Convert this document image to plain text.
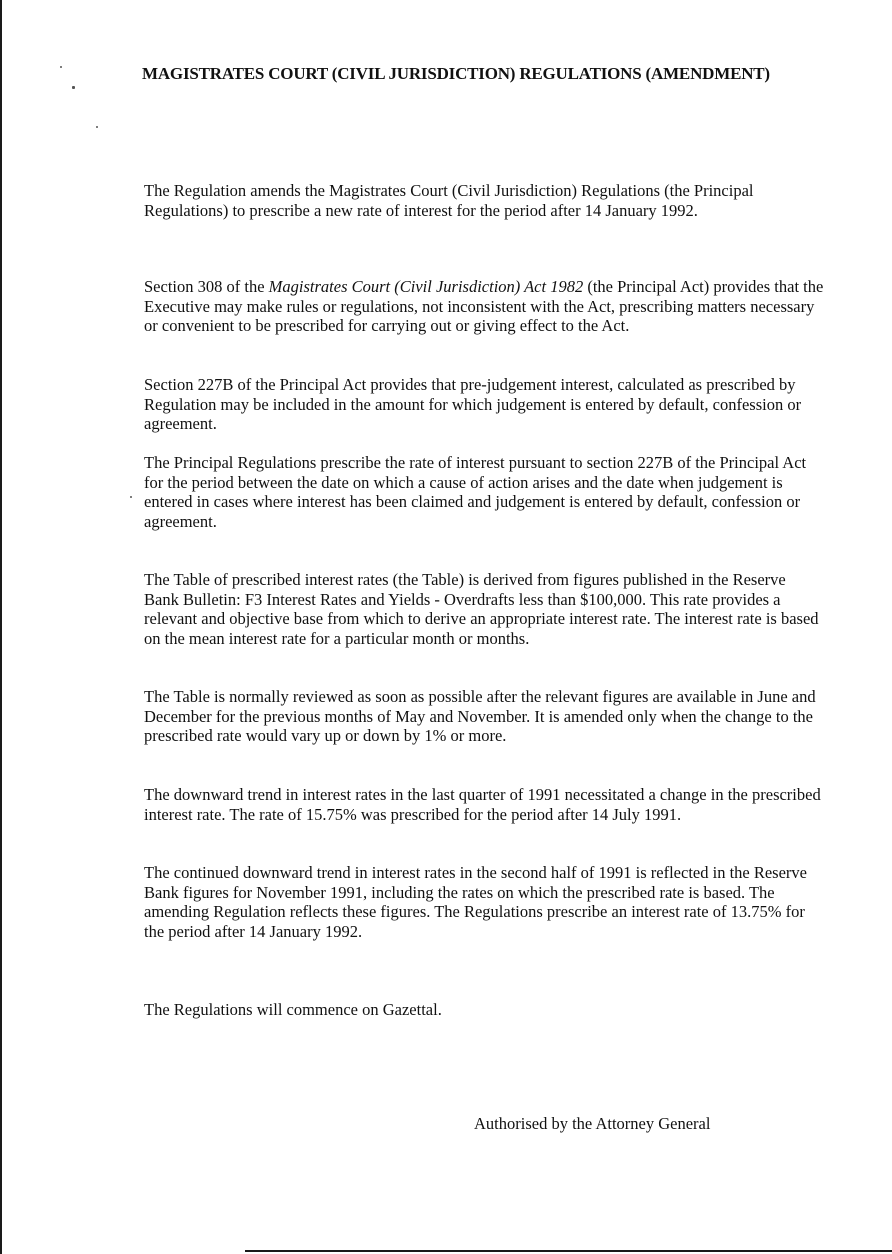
MAGISTRATES COURT (CIVIL JURISDICTION) REGULATIONS (AMENDMENT)

The Regulation amends the Magistrates Court (Civil Jurisdiction) Regulations (the Principal Regulations) to prescribe a new rate of interest for the period after 14 January 1992.

Section 308 of the Magistrates Court (Civil Jurisdiction) Act 1982 (the Principal Act) provides that the Executive may make rules or regulations, not inconsistent with the Act, prescribing matters necessary or convenient to be prescribed for carrying out or giving effect to the Act.

Section 227B of the Principal Act provides that pre-judgement interest, calculated as prescribed by Regulation may be included in the amount for which judgement is entered by default, confession or agreement.

The Principal Regulations prescribe the rate of interest pursuant to section 227B of the Principal Act for the period between the date on which a cause of action arises and the date when judgement is entered in cases where interest has been claimed and judgement is entered by default, confession or agreement.

The Table of prescribed interest rates (the Table) is derived from figures published in the Reserve Bank Bulletin: F3 Interest Rates and Yields - Overdrafts less than $100,000. This rate provides a relevant and objective base from which to derive an appropriate interest rate. The interest rate is based on the mean interest rate for a particular month or months.

The Table is normally reviewed as soon as possible after the relevant figures are available in June and December for the previous months of May and November. It is amended only when the change to the prescribed rate would vary up or down by 1% or more.

The downward trend in interest rates in the last quarter of 1991 necessitated a change in the prescribed interest rate. The rate of 15.75% was prescribed for the period after 14 July 1991.

The continued downward trend in interest rates in the second half of 1991 is reflected in the Reserve Bank figures for November 1991, including the rates on which the prescribed rate is based. The amending Regulation reflects these figures. The Regulations prescribe an interest rate of 13.75% for the period after 14 January 1992.

The Regulations will commence on Gazettal.

Authorised by the Attorney General
